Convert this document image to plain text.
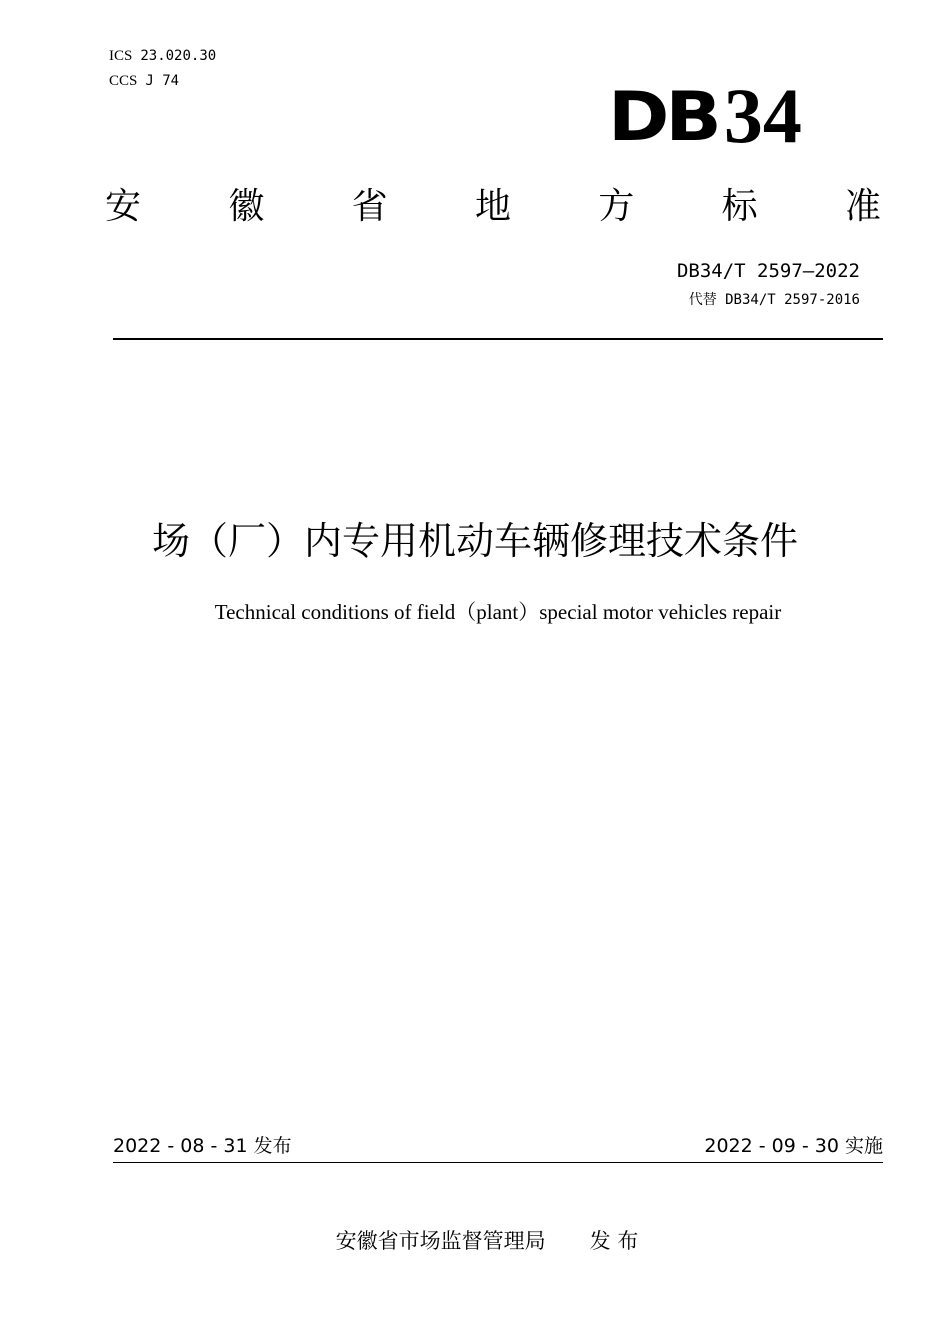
ICS 23.020.30
CCS J 74	DB34
安 徽 省 地 方 标 准
DB34/T 2597—2022
代替 DB34/T 2597-2016
场（厂）内专用机动车辆修理技术条件
Technical conditions of field（plant）special motor vehicles repair
2022 - 08 - 31 发布	2022 - 09 - 30 实施
安徽省市场监督管理局 发 布
